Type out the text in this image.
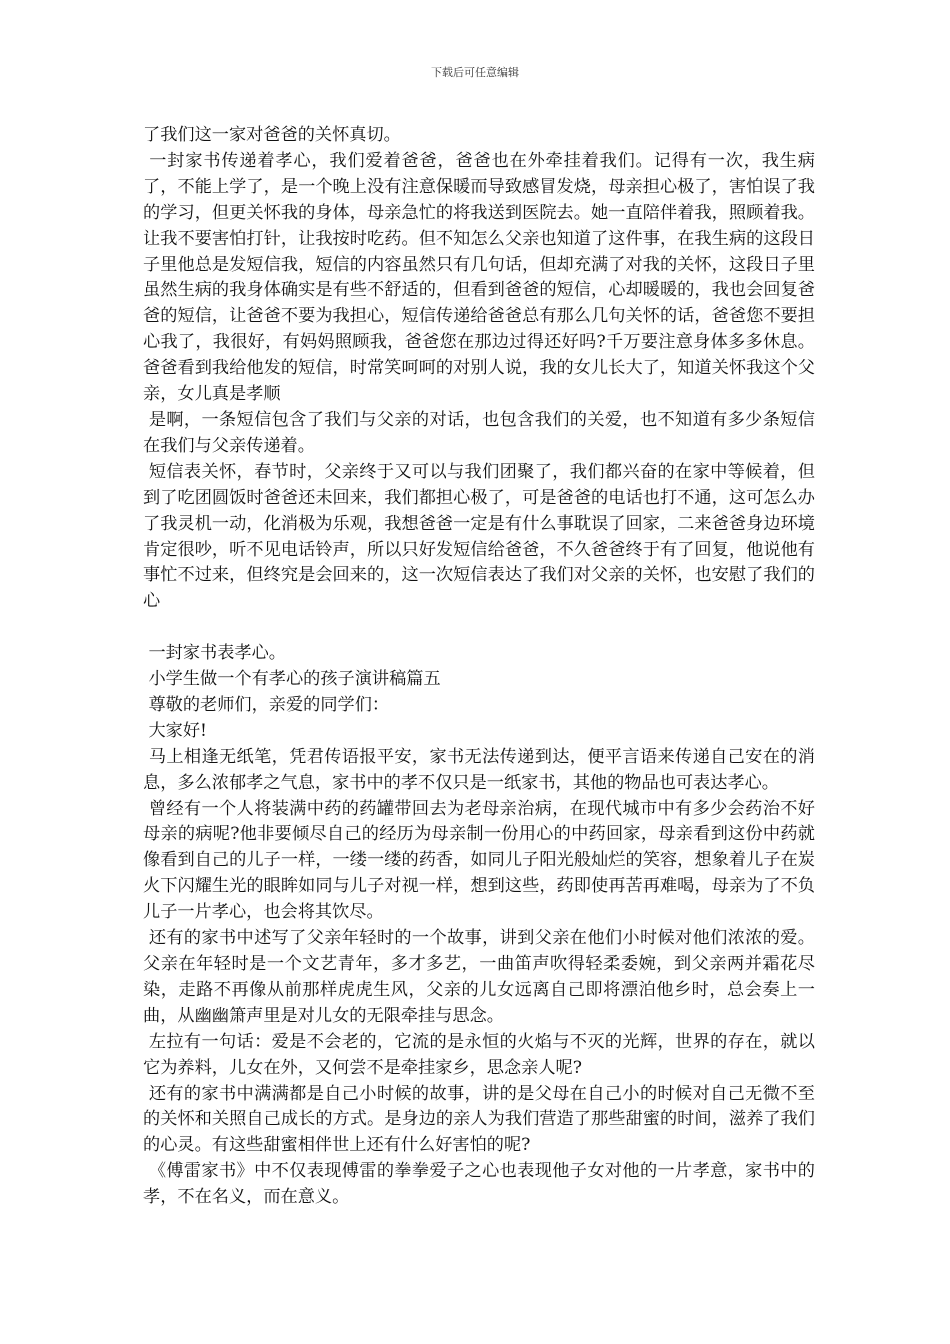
下载后可任意编辑

了我们这一家对爸爸的关怀真切。

一封家书传递着孝心，我们爱着爸爸，爸爸也在外牵挂着我们。记得有一次，我生病了，不能上学了，是一个晚上没有注意保暖而导致感冒发烧，母亲担心极了，害怕误了我的学习，但更关怀我的身体，母亲急忙的将我送到医院去。她一直陪伴着我，照顾着我。让我不要害怕打针，让我按时吃药。但不知怎么父亲也知道了这件事，在我生病的这段日子里他总是发短信我，短信的内容虽然只有几句话，但却充满了对我的关怀，这段日子里虽然生病的我身体确实是有些不舒适的，但看到爸爸的短信，心却暖暖的，我也会回复爸爸的短信，让爸爸不要为我担心，短信传递给爸爸总有那么几句关怀的话，爸爸您不要担心我了，我很好，有妈妈照顾我，爸爸您在那边过得还好吗?千万要注意身体多多休息。爸爸看到我给他发的短信，时常笑呵呵的对别人说，我的女儿长大了，知道关怀我这个父亲，女儿真是孝顺

是啊，一条短信包含了我们与父亲的对话，也包含我们的关爱，也不知道有多少条短信在我们与父亲传递着。

短信表关怀，春节时，父亲终于又可以与我们团聚了，我们都兴奋的在家中等候着，但到了吃团圆饭时爸爸还未回来，我们都担心极了，可是爸爸的电话也打不通，这可怎么办了我灵机一动，化消极为乐观，我想爸爸一定是有什么事耽误了回家，二来爸爸身边环境肯定很吵，听不见电话铃声，所以只好发短信给爸爸，不久爸爸终于有了回复，他说他有事忙不过来，但终究是会回来的，这一次短信表达了我们对父亲的关怀，也安慰了我们的心

一封家书表孝心。

小学生做一个有孝心的孩子演讲稿篇五

尊敬的老师们，亲爱的同学们：

大家好!

马上相逢无纸笔，凭君传语报平安，家书无法传递到达，便平言语来传递自己安在的消息，多么浓郁孝之气息，家书中的孝不仅只是一纸家书，其他的物品也可表达孝心。

曾经有一个人将装满中药的药罐带回去为老母亲治病，在现代城市中有多少会药治不好母亲的病呢?他非要倾尽自己的经历为母亲制一份用心的中药回家，母亲看到这份中药就像看到自己的儿子一样，一缕一缕的药香，如同儿子阳光般灿烂的笑容，想象着儿子在炭火下闪耀生光的眼眸如同与儿子对视一样，想到这些，药即使再苦再难喝，母亲为了不负儿子一片孝心，也会将其饮尽。

还有的家书中述写了父亲年轻时的一个故事，讲到父亲在他们小时候对他们浓浓的爱。父亲在年轻时是一个文艺青年，多才多艺，一曲笛声吹得轻柔委婉，到父亲两并霜花尽染，走路不再像从前那样虎虎生风，父亲的儿女远离自己即将漂泊他乡时，总会奏上一曲，从幽幽箫声里是对儿女的无限牵挂与思念。

左拉有一句话：爱是不会老的，它流的是永恒的火焰与不灭的光辉，世界的存在，就以它为养料，儿女在外，又何尝不是牵挂家乡，思念亲人呢?

还有的家书中满满都是自己小时候的故事，讲的是父母在自己小的时候对自己无微不至的关怀和关照自己成长的方式。是身边的亲人为我们营造了那些甜蜜的时间，滋养了我们的心灵。有这些甜蜜相伴世上还有什么好害怕的呢?

《傅雷家书》中不仅表现傅雷的拳拳爱子之心也表现他子女对他的一片孝意，家书中的孝，不在名义，而在意义。
